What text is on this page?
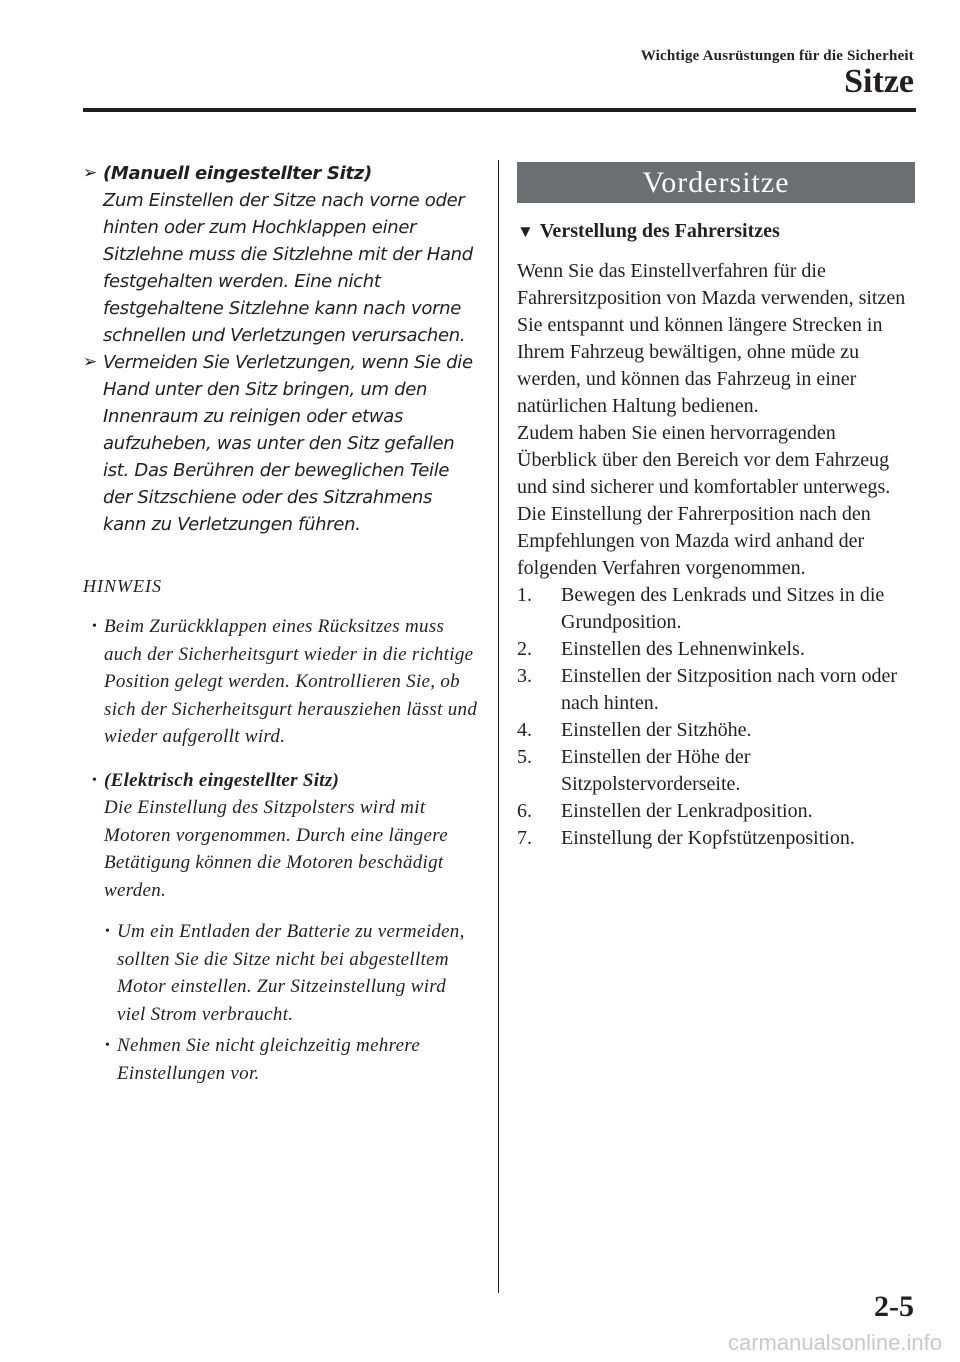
Wichtige Ausrüstungen für die Sicherheit
Sitze
➢ (Manuell eingestellter Sitz)
Zum Einstellen der Sitze nach vorne oder hinten oder zum Hochklappen einer Sitzlehne muss die Sitzlehne mit der Hand festgehalten werden. Eine nicht festgehaltene Sitzlehne kann nach vorne schnellen und Verletzungen verursachen.
➢ Vermeiden Sie Verletzungen, wenn Sie die Hand unter den Sitz bringen, um den Innenraum zu reinigen oder etwas aufzuheben, was unter den Sitz gefallen ist. Das Berühren der beweglichen Teile der Sitzschiene oder des Sitzrahmens kann zu Verletzungen führen.
HINWEIS
• Beim Zurückklappen eines Rücksitzes muss auch der Sicherheitsgurt wieder in die richtige Position gelegt werden. Kontrollieren Sie, ob sich der Sicherheitsgurt herausziehen lässt und wieder aufgerollt wird.
• (Elektrisch eingestellter Sitz)
Die Einstellung des Sitzpolsters wird mit Motoren vorgenommen. Durch eine längere Betätigung können die Motoren beschädigt werden.
• Um ein Entladen der Batterie zu vermeiden, sollten Sie die Sitze nicht bei abgestelltem Motor einstellen. Zur Sitzeinstellung wird viel Strom verbraucht.
• Nehmen Sie nicht gleichzeitig mehrere Einstellungen vor.
Vordersitze
▼ Verstellung des Fahrersitzes

Wenn Sie das Einstellverfahren für die Fahrersitzposition von Mazda verwenden, sitzen Sie entspannt und können längere Strecken in Ihrem Fahrzeug bewältigen, ohne müde zu werden, und können das Fahrzeug in einer natürlichen Haltung bedienen.

Zudem haben Sie einen hervorragenden Überblick über den Bereich vor dem Fahrzeug und sind sicherer und komfortabler unterwegs.

Die Einstellung der Fahrerposition nach den Empfehlungen von Mazda wird anhand der folgenden Verfahren vorgenommen.

1. Bewegen des Lenkrads und Sitzes in die Grundposition.
2. Einstellen des Lehnenwinkels.
3. Einstellen der Sitzposition nach vorn oder nach hinten.
4. Einstellen der Sitzhöhe.
5. Einstellen der Höhe der Sitzpolstervorderseite.
6. Einstellen der Lenkradposition.
7. Einstellung der Kopfstützenposition.
2-5
carmanualsonline.info
